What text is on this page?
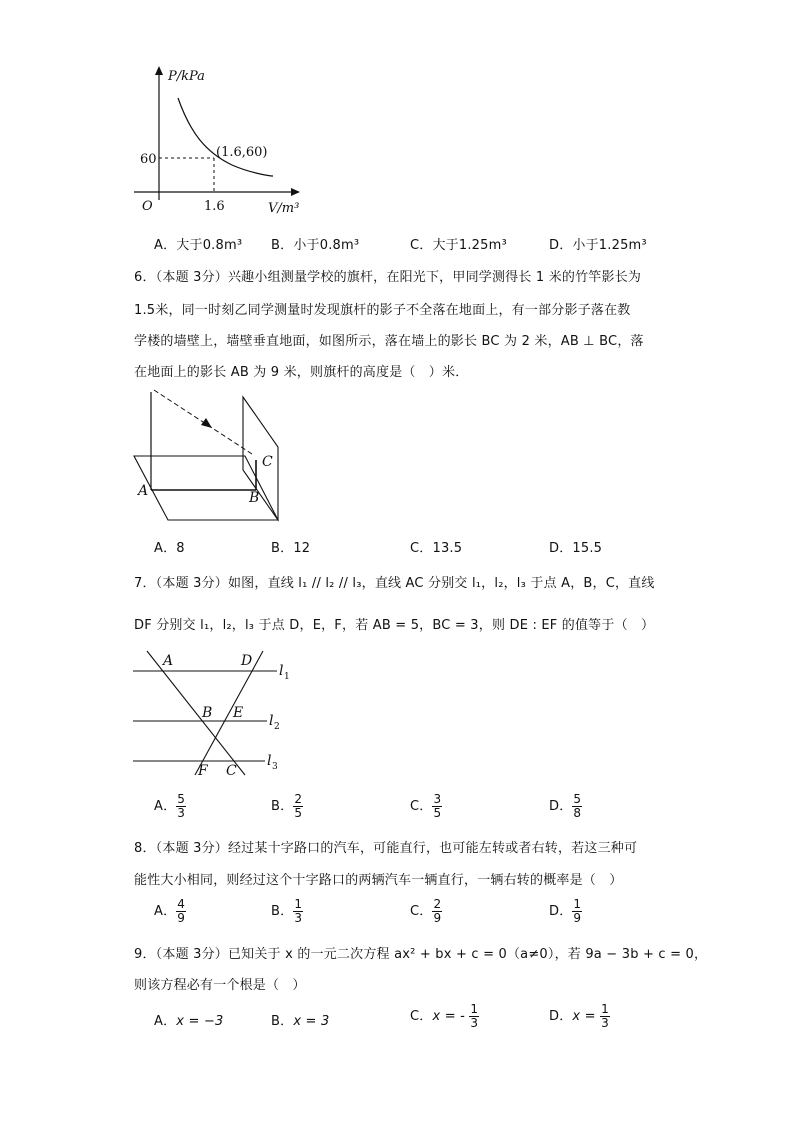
P/kPa
(1.6,60)
60
O	1.6	V/m³
A．大于0.8m³ B．小于0.8m³	C．大于1.25m³	D．小于1.25m³
6．（本题 3分）兴趣小组测量学校的旗杆，在阳光下，甲同学测得长 1 米的竹竿影长为
1.5米，同一时刻乙同学测量时发现旗杆的影子不全落在地面上，有一部分影子落在教
学楼的墙壁上，墙壁垂直地面，如图所示，落在墙上的影长 BC 为 2 米，AB ⊥ BC，落
在地面上的影长 AB 为 9 米，则旗杆的高度是（　）米．
A	B
C
A．8	B．12	C．13.5	D．15.5
7．（本题 3分）如图，直线 l₁ // l₂ // l₃，直线 AC 分别交 l₁，l₂，l₃ 于点 A，B，C，直线
DF 分别交 l₁，l₂，l₃ 于点 D，E，F，若 AB = 5，BC = 3，则 DE : EF 的值等于（　）
A	D
l 1
B E l 2
F C
l 3
A． $\frac{5}{3}$	B． $\frac{2}{5}$	C． $\frac{3}{5}$	D． $\frac{5}{8}$
8．（本题 3分）经过某十字路口的汽车，可能直行，也可能左转或者右转，若这三种可
能性大小相同，则经过这个十字路口的两辆汽车一辆直行，一辆右转的概率是（　）
A． $\frac{4}{9}$	B． $\frac{1}{3}$	C． $\frac{2}{9}$	D． $\frac{1}{9}$
9．（本题 3分）已知关于 x 的一元二次方程 ax² + bx + c = 0（a≠0），若 9a − 3b + c = 0，
则该方程必有一个根是（　）
A．x = −3	B．x = 3	C．x = - $\frac{1}{3}$	D．$x = \frac{1}{3}$
